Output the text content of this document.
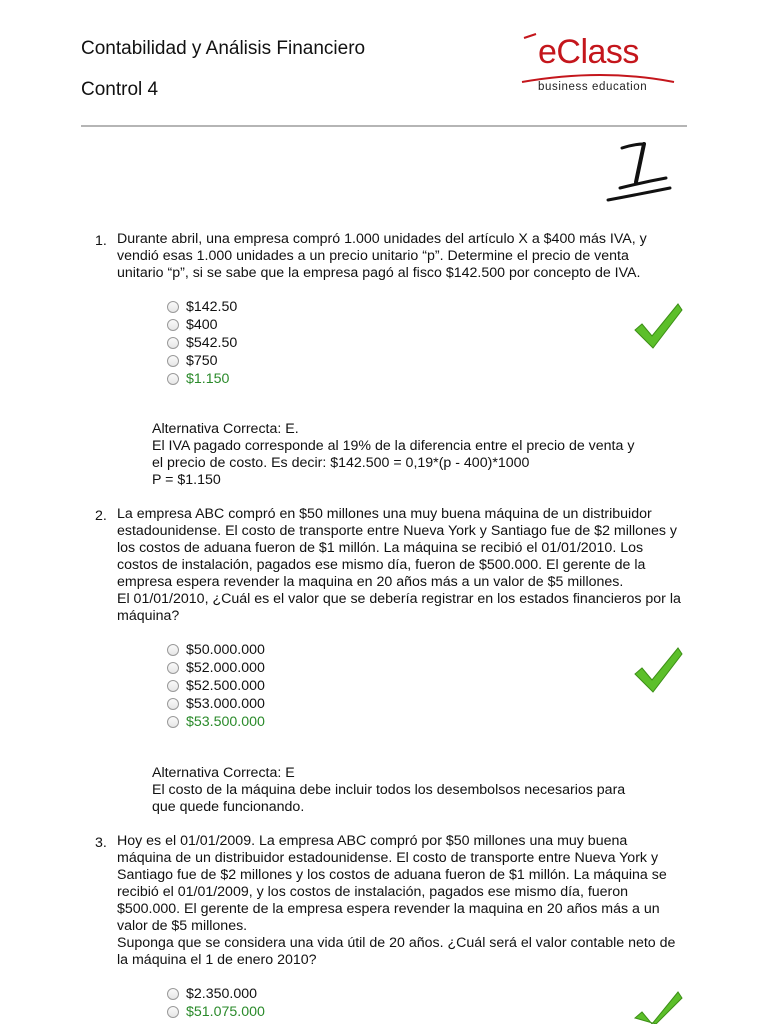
Contabilidad y Análisis Financiero
Control 4
eClass
business education
1. Durante abril, una empresa compró 1.000 unidades del artículo X a $400 más IVA, y
vendió esas 1.000 unidades a un precio unitario “p”. Determine el precio de venta
unitario “p”, si se sabe que la empresa pagó al fisco $142.500 por concepto de IVA.
$142.50
$400
$542.50
$750
$1.150
Alternativa Correcta: E.
El IVA pagado corresponde al 19% de la diferencia entre el precio de venta y
el precio de costo. Es decir: $142.500 = 0,19*(p - 400)*1000
P = $1.150
2. La empresa ABC compró en $50 millones una muy buena máquina de un distribuidor
estadounidense. El costo de transporte entre Nueva York y Santiago fue de $2 millones y
los costos de aduana fueron de $1 millón. La máquina se recibió el 01/01/2010. Los
costos de instalación, pagados ese mismo día, fueron de $500.000. El gerente de la
empresa espera revender la maquina en 20 años más a un valor de $5 millones.
El 01/01/2010, ¿Cuál es el valor que se debería registrar en los estados financieros por la
máquina?
$50.000.000
$52.000.000
$52.500.000
$53.000.000
$53.500.000
Alternativa Correcta: E
El costo de la máquina debe incluir todos los desembolsos necesarios para
que quede funcionando.
3. Hoy es el 01/01/2009. La empresa ABC compró por $50 millones una muy buena
máquina de un distribuidor estadounidense. El costo de transporte entre Nueva York y
Santiago fue de $2 millones y los costos de aduana fueron de $1 millón. La máquina se
recibió el 01/01/2009, y los costos de instalación, pagados ese mismo día, fueron
$500.000. El gerente de la empresa espera revender la maquina en 20 años más a un
valor de $5 millones.
Suponga que se considera una vida útil de 20 años. ¿Cuál será el valor contable neto de
la máquina el 1 de enero 2010?
$2.350.000
$51.075.000
